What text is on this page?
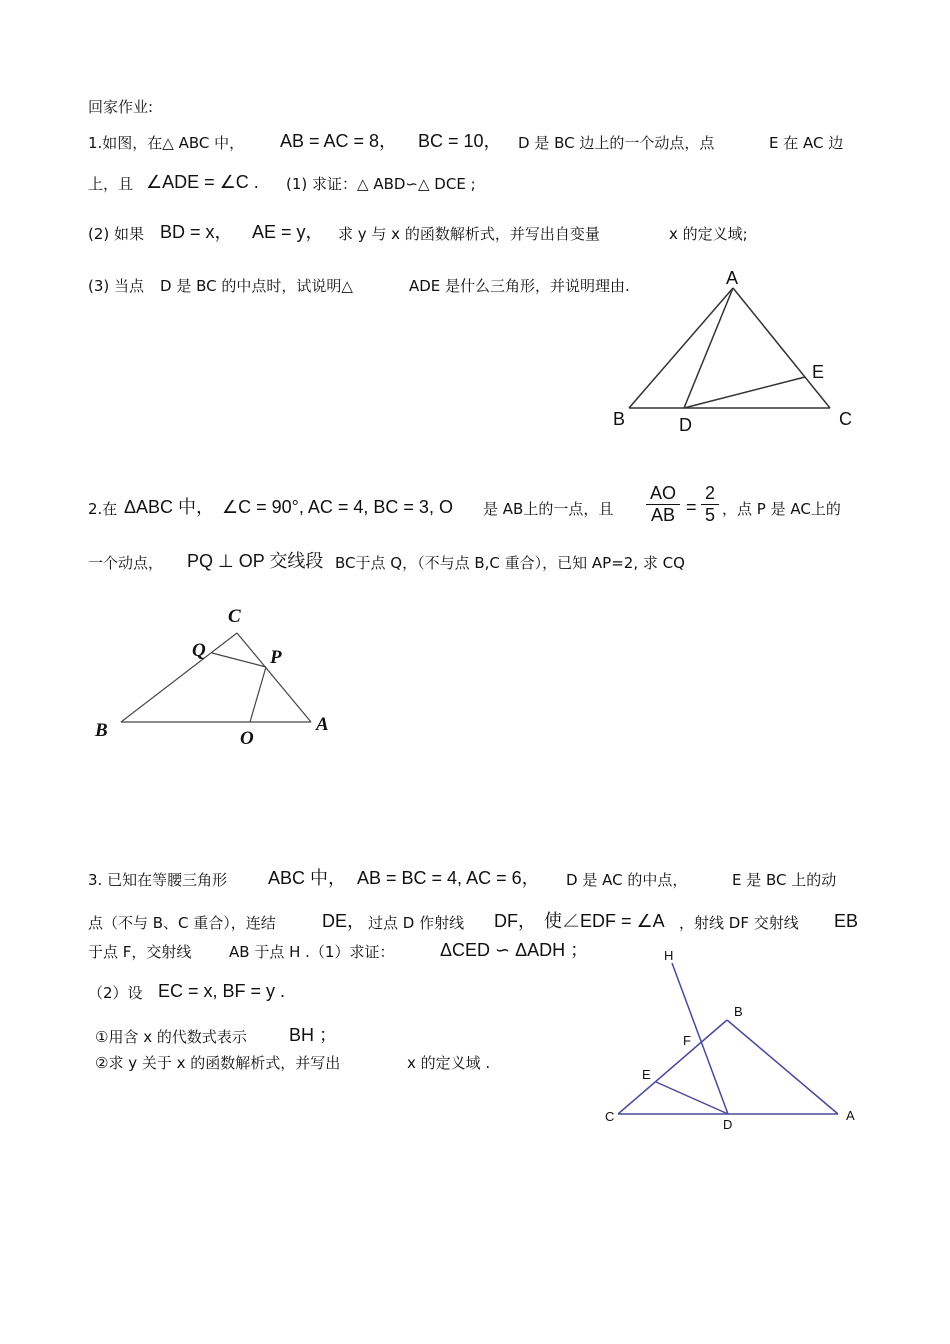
回家作业:
1.如图，在△ ABC 中， AB = AC = 8， BC = 10， D 是 BC 边上的一个动点，点	E 在 AC 边
上，且 ∠ADE = ∠C . (1) 求证：△ ABD∽△ DCE ;
(2) 如果 BD = x， AE = y， 求 y 与 x 的函数解析式，并写出自变量	x 的定义域;
(3) 当点 D 是 BC 的中点时，试说明△	ADE 是什么三角形，并说明理由.	A
B	C
D
E
C
Q	P
B	O
A
H
B
F
E
C
D
A
2.在 ΔABC 中， ∠C = 90°, AC = 4, BC = 3, O 是 AB上的一点，且 $\frac{AO}{AB} = \frac{2}{5}$ ，点 P 是 AC上的
一个动点， PQ ⊥ OP 交线段 BC于点 Q，（不与点 B,C 重合），已知 AP=2, 求 CQ
3. 已知在等腰三角形 ABC 中， AB = BC = 4, AC = 6， D 是 AC 的中点，	E 是 BC 上的动
点（不与 B、C 重合），连结	DE， 过点 D 作射线 DF， 使∠EDF = ∠A ，射线 DF 交射线 EB
于点 F，交射线	AB 于点 H .（1）求证：	ΔCED ∽ ΔADH ；
（2）设 EC = x, BF = y .
①用含 x 的代数式表示 BH ；
②求 y 关于 x 的函数解析式，并写出	x 的定义域 .
